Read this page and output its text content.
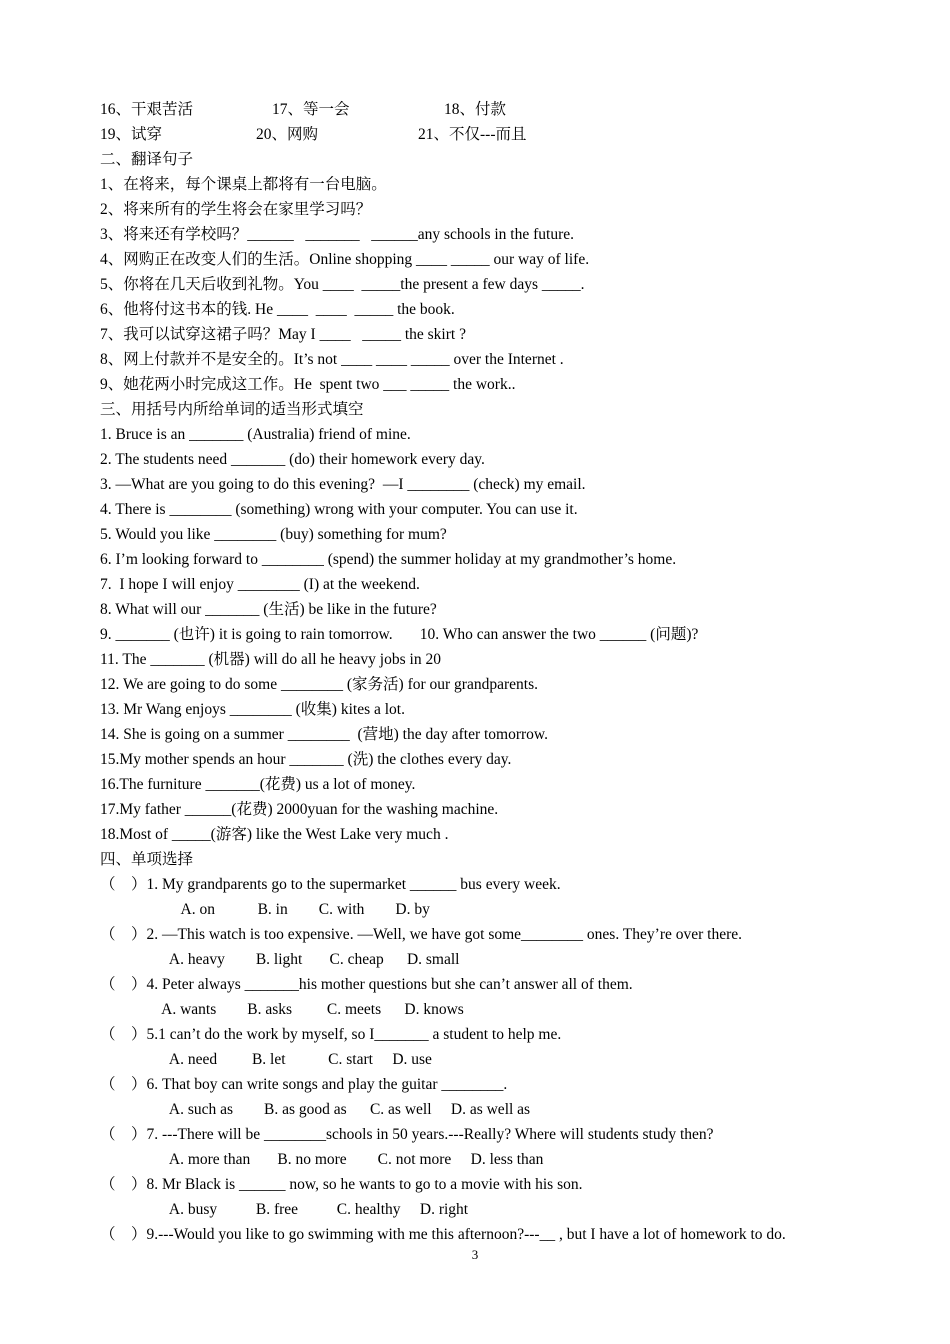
16、干艰苦活	17、等一会	18、付款
19、试穿	20、网购	21、不仅---而且
二、翻译句子
1、在将来，每个课桌上都将有一台电脑。
2、将来所有的学生将会在家里学习吗？
3、将来还有学校吗？______   _______   ______any schools in the future.
4、网购正在改变人们的生活。Online shopping ____ _____ our way of life.
5、你将在几天后收到礼物。You ____  _____the present a few days _____.
6、他将付这书本的钱. He ____  ____  _____ the book.
7、我可以试穿这裙子吗？May I ____   _____ the skirt ?
8、网上付款并不是安全的。It’s not ____ ____ _____ over the Internet .
9、她花两小时完成这工作。He  spent two ___ _____ the work..
三、用括号内所给单词的适当形式填空
1. Bruce is an _______ (Australia) friend of mine.
2. The students need _______ (do) their homework every day.
3. —What are you going to do this evening?  —I ________ (check) my email.
4. There is ________ (something) wrong with your computer. You can use it.
5. Would you like ________ (buy) something for mum?
6. I’m looking forward to ________ (spend) the summer holiday at my grandmother’s home.
7.  I hope I will enjoy ________ (I) at the weekend.
8. What will our _______ (生活) be like in the future?
9. _______ (也许) it is going to rain tomorrow.       10. Who can answer the two ______ (问题)?
11. The _______ (机器) will do all he heavy jobs in 20
12. We are going to do some ________ (家务活) for our grandparents.
13. Mr Wang enjoys ________ (收集) kites a lot.
14. She is going on a summer ________  (营地) the day after tomorrow.
15.My mother spends an hour _______ (洗) the clothes every day.
16.The furniture _______(花费) us a lot of money.
17.My father ______(花费) 2000yuan for the washing machine.
18.Most of _____(游客) like the West Lake very much .
四、单项选择
（    ）1. My grandparents go to the supermarket ______ bus every week.
A. on           B. in        C. with        D. by
（    ）2. —This watch is too expensive. —Well, we have got some________ ones. They’re over there.
A. heavy        B. light       C. cheap      D. small
（    ）4. Peter always _______his mother questions but she can’t answer all of them.
A. wants        B. asks         C. meets      D. knows
（    ）5.1 can’t do the work by myself, so I_______ a student to help me.
A. need         B. let           C. start     D. use
（    ）6. That boy can write songs and play the guitar ________.
A. such as        B. as good as      C. as well     D. as well as
（    ）7. ---There will be ________schools in 50 years.---Really? Where will students study then?
A. more than       B. no more        C. not more     D. less than
（    ）8. Mr Black is ______ now, so he wants to go to a movie with his son.
A. busy          B. free          C. healthy     D. right
（    ）9.---Would you like to go swimming with me this afternoon?---__ , but I have a lot of homework to do.
3
